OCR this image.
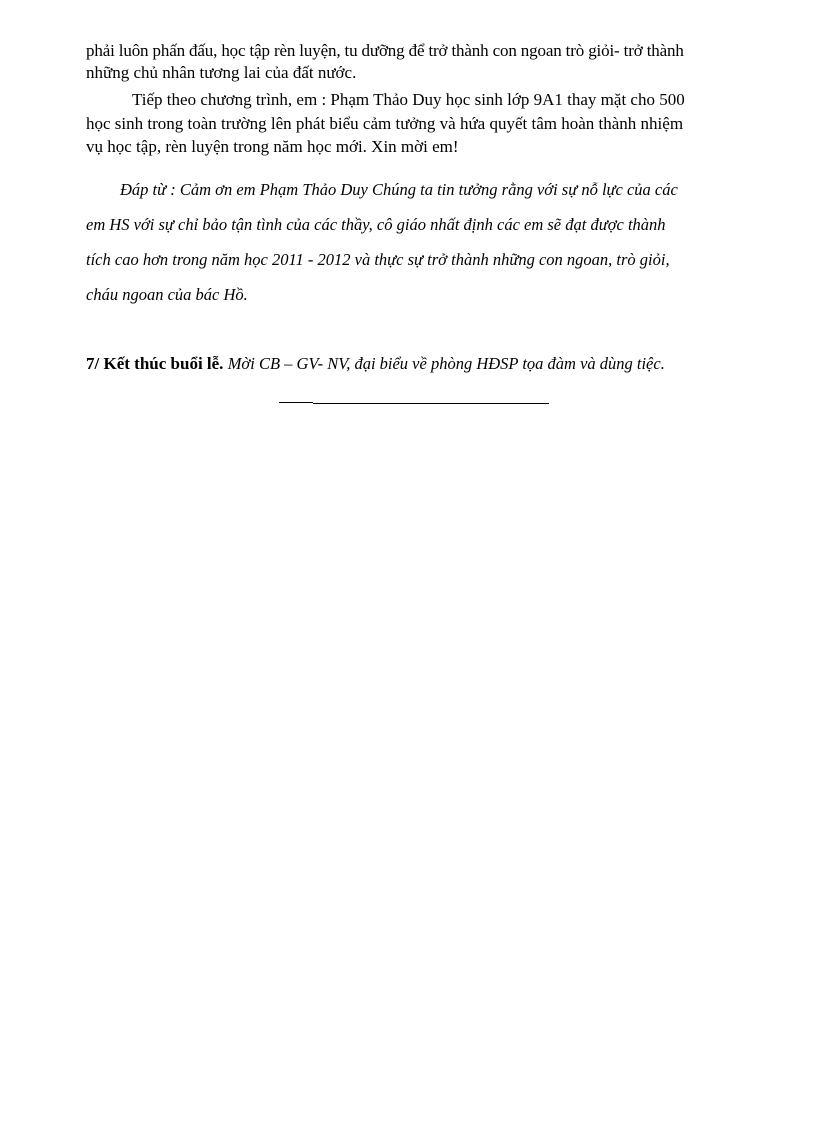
phải luôn phấn đấu, học tập rèn luyện, tu dưỡng để trở thành con ngoan trò giỏi- trở thành

những chủ nhân tương lai của đất nước.

Tiếp theo chương trình, em : Phạm Thảo Duy học sinh lớp 9A1 thay mặt cho 500

học sinh trong toàn trường lên phát biểu cảm tưởng và hứa quyết tâm hoàn thành nhiệm

vụ học tập, rèn luyện trong năm học mới. Xin mời em!

Đáp từ : Cảm ơn em Phạm Thảo Duy Chúng ta tin tưởng rằng với sự nỗ lực của các

em HS với sự chỉ bảo tận tình của các thầy, cô giáo nhất định các em sẽ đạt được thành

tích cao hơn trong năm học 2011 - 2012 và thực sự trở thành những con ngoan, trò giỏi,

cháu ngoan của bác Hồ.

7/ Kết thúc buổi lễ. Mời CB – GV- NV, đại biểu về phòng HĐSP tọa đàm và dùng tiệc.
